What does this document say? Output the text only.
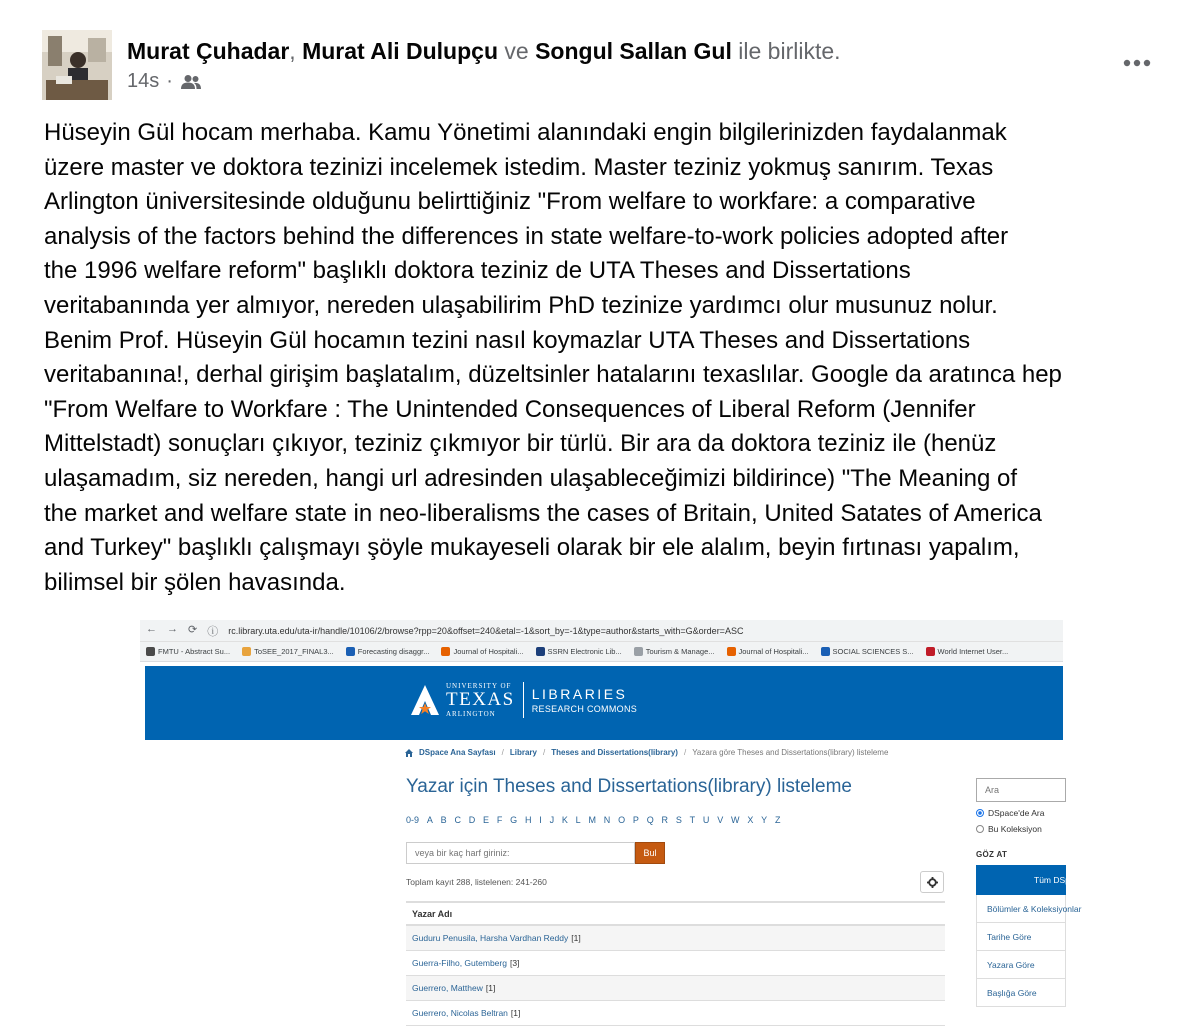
Murat Çuhadar, Murat Ali Dulupçu ve Songul Sallan Gul ile birlikte.
14s ·
Hüseyin Gül hocam merhaba. Kamu Yönetimi alanındaki engin bilgilerinizden faydalanmak
üzere master ve doktora tezinizi incelemek istedim. Master teziniz yokmuş sanırım. Texas
Arlington üniversitesinde olduğunu belirttiğiniz "From welfare to workfare: a comparative
analysis of the factors behind the differences in state welfare-to-work policies adopted after
the 1996 welfare reform" başlıklı doktora teziniz de UTA Theses and Dissertations
veritabanında yer almıyor, nereden ulaşabilirim PhD tezinize yardımcı olur musunuz nolur.
Benim Prof. Hüseyin Gül hocamın tezini nasıl koymazlar UTA Theses and Dissertations
veritabanına!, derhal girişim başlatalım, düzeltsinler hatalarını texaslılar. Google da aratınca hep
"From Welfare to Workfare : The Unintended Consequences of Liberal Reform (Jennifer
Mittelstadt) sonuçları çıkıyor, teziniz çıkmıyor bir türlü. Bir ara da doktora teziniz ile (henüz
ulaşamadım, siz nereden, hangi url adresinden ulaşableceğimizi bildirince) "The Meaning of
the market and welfare state in neo-liberalisms the cases of Britain, United Satates of America
and Turkey" başlıklı çalışmayı şöyle mukayeseli olarak bir ele alalım, beyin fırtınası yapalım,
bilimsel bir şölen havasında.
← → ⟳ ⓘ rc.library.uta.edu/uta-ir/handle/10106/2/browse?rpp=20&offset=240&etal=-1&sort_by=-1&type=author&starts_with=G&order=ASC
FMTU - Abstract Su...	ToSEE_2017_FINAL3...	Forecasting disaggr...	Journal of Hospitali...	SSRN Electronic Lib...	Tourism & Manage...	Journal of Hospitali...	SOCIAL SCIENCES S...	World Internet User...
UNIVERSITY OF
TEXAS
ARLINGTON
LIBRARIES
RESEARCH COMMONS
DSpace Ana Sayfası / Library / Theses and Dissertations(library) / Yazara göre Theses and Dissertations(library) listeleme
Yazar için Theses and Dissertations(library) listeleme
0-9 A B C D E F G H I J K L M N O P Q R S T U V W X Y Z
veya bir kaç harf giriniz:
Bul
Toplam kayıt 288, listelenen: 241-260
Yazar Adı
Guduru Penusila, Harsha Vardhan Reddy [1]
Guerra-Filho, Gutemberg [3]
Guerrero, Matthew [1]
Guerrero, Nicolas Beltran [1]
Ara
DSpace'de Ara
Bu Koleksiyon
GÖZ AT
Tüm DSpace
Bölümler & Koleksiyonlar
Tarihe Göre
Yazara Göre
Başlığa Göre
